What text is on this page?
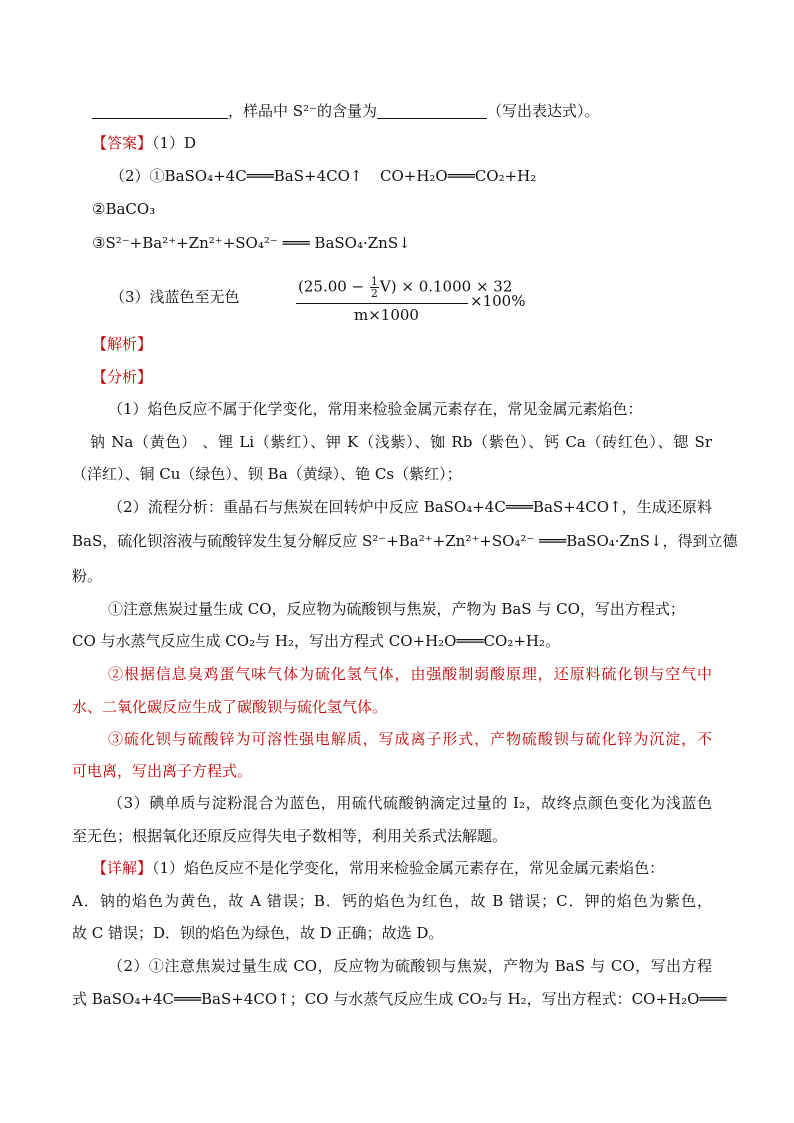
，样品中 S²⁻的含量为	（写出表达式）。
【答案】（1）D
（2）①BaSO₄+4C═══BaS+4CO↑ CO+H₂O═══CO₂+H₂
②BaCO₃
③S²⁻+Ba²⁺+Zn²⁺+SO₄²⁻ ═══ BaSO₄·ZnS↓
（3）浅蓝色至无色
$(25.00 - \frac{1}{2} V) \times 0.1000 \times 32$
m×1000
×100%
【解析】
【分析】
（1）焰色反应不属于化学变化，常用来检验金属元素存在，常见金属元素焰色：
钠 Na（黄色） 、锂 Li（紫红）、钾 K（浅紫）、铷 Rb（紫色）、钙 Ca（砖红色）、锶 Sr
（洋红）、铜 Cu（绿色）、钡 Ba（黄绿）、铯 Cs（紫红）；
（2）流程分析：重晶石与焦炭在回转炉中反应 BaSO₄+4C═══BaS+4CO↑，生成还原料
BaS，硫化钡溶液与硫酸锌发生复分解反应 S²⁻+Ba²⁺+Zn²⁺+SO₄²⁻ ═══BaSO₄·ZnS↓，得到立德
粉。
①注意焦炭过量生成 CO，反应物为硫酸钡与焦炭，产物为 BaS 与 CO，写出方程式；
CO 与水蒸气反应生成 CO₂与 H₂，写出方程式 CO+H₂O═══CO₂+H₂。
②根据信息臭鸡蛋气味气体为硫化氢气体，由强酸制弱酸原理，还原料硫化钡与空气中
水、二氧化碳反应生成了碳酸钡与硫化氢气体。
③硫化钡与硫酸锌为可溶性强电解质，写成离子形式，产物硫酸钡与硫化锌为沉淀，不
可电离，写出离子方程式。
（3）碘单质与淀粉混合为蓝色，用硫代硫酸钠滴定过量的 I₂，故终点颜色变化为浅蓝色
至无色；根据氧化还原反应得失电子数相等，利用关系式法解题。
【详解】（1）焰色反应不是化学变化，常用来检验金属元素存在，常见金属元素焰色：
A．钠的焰色为黄色，故 A 错误；B．钙的焰色为红色，故 B 错误；C．钾的焰色为紫色，
故 C 错误；D．钡的焰色为绿色，故 D 正确；故选 D。
（2）①注意焦炭过量生成 CO，反应物为硫酸钡与焦炭，产物为 BaS 与 CO，写出方程
式 BaSO₄+4C═══BaS+4CO↑；CO 与水蒸气反应生成 CO₂与 H₂，写出方程式：CO+H₂O═══
